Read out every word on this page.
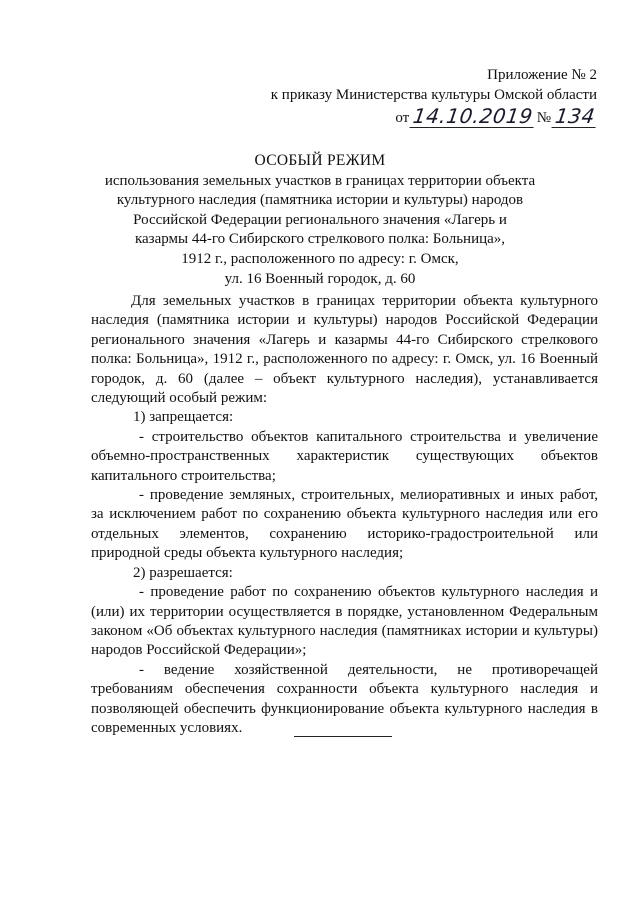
Приложение № 2
к приказу Министерства культуры Омской области
от 14.10.2019 № 134
ОСОБЫЙ РЕЖИМ
использования земельных участков в границах территории объекта
культурного наследия (памятника истории и культуры) народов
Российской Федерации регионального значения «Лагерь и
казармы 44-го Сибирского стрелкового полка: Больница»,
1912 г., расположенного по адресу: г. Омск,
ул. 16 Военный городок, д. 60

Для земельных участков в границах территории объекта культурного наследия (памятника истории и культуры) народов Российской Федерации регионального значения «Лагерь и казармы 44-го Сибирского стрелкового полка: Больница», 1912 г., расположенного по адресу: г. Омск, ул. 16 Военный городок, д. 60 (далее – объект культурного наследия), устанавливается следующий особый режим:

1) запрещается:

- строительство объектов капитального строительства и увеличение объемно-пространственных характеристик существующих объектов капитального строительства;

- проведение земляных, строительных, мелиоративных и иных работ, за исключением работ по сохранению объекта культурного наследия или его отдельных элементов, сохранению историко-градостроительной или природной среды объекта культурного наследия;

2) разрешается:

- проведение работ по сохранению объектов культурного наследия и (или) их территории осуществляется в порядке, установленном Федеральным законом «Об объектах культурного наследия (памятниках истории и культуры) народов Российской Федерации»;

- ведение хозяйственной деятельности, не противоречащей требованиям обеспечения сохранности объекта культурного наследия и позволяющей обеспечить функционирование объекта культурного наследия в современных условиях.
